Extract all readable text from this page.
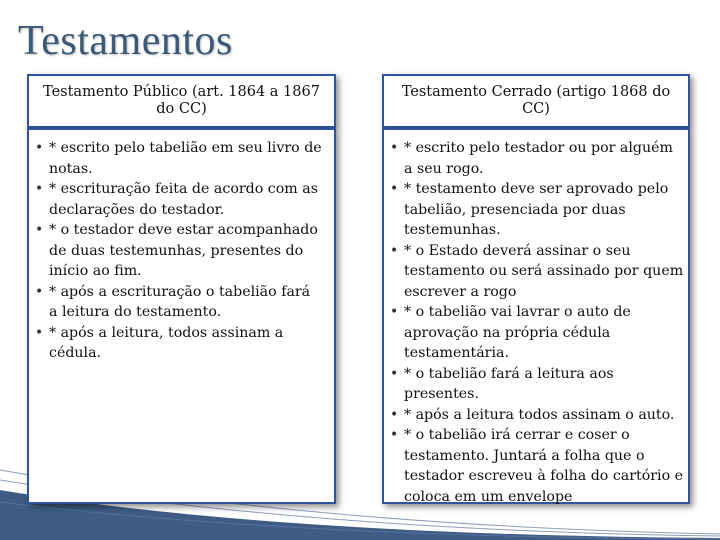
Testamentos
Testamento Público (art. 1864 a 1867 do CC)
• * escrito pelo tabelião em seu livro de notas.
• * escrituração feita de acordo com as declarações do testador.
• * o testador deve estar acompanhado de duas testemunhas, presentes do início ao fim.
• * após a escrituração o tabelião fará a leitura do testamento.
• * após a leitura, todos assinam a cédula.
Testamento Cerrado (artigo 1868 do CC)
• * escrito pelo testador ou por alguém a seu rogo.
• * testamento deve ser aprovado pelo tabelião, presenciada por duas testemunhas.
• * o Estado deverá assinar o seu testamento ou será assinado por quem escrever a rogo
• * o tabelião vai lavrar o auto de aprovação na própria cédula testamentária.
• * o tabelião fará a leitura aos presentes.
• * após a leitura todos assinam o auto.
• * o tabelião irá cerrar e coser o testamento. Juntará a folha que o testador escreveu à folha do cartório e coloca em um envelope
